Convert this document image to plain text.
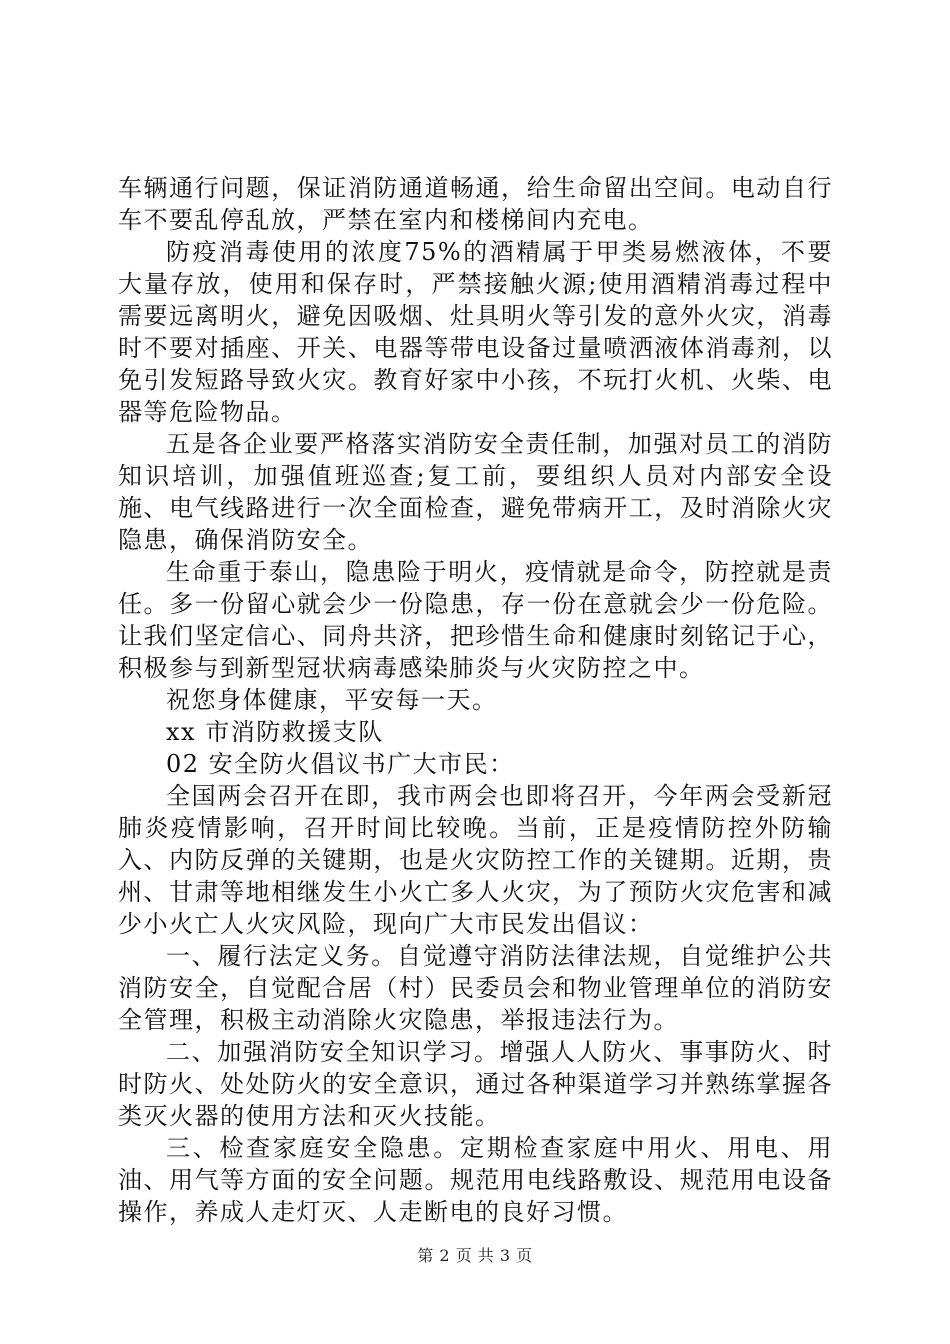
车辆通行问题，保证消防通道畅通，给生命留出空间。电动自行车不要乱停乱放，严禁在室内和楼梯间内充电。

防疫消毒使用的浓度75%的酒精属于甲类易燃液体，不要大量存放，使用和保存时，严禁接触火源;使用酒精消毒过程中需要远离明火，避免因吸烟、灶具明火等引发的意外火灾，消毒时不要对插座、开关、电器等带电设备过量喷洒液体消毒剂，以免引发短路导致火灾。教育好家中小孩，不玩打火机、火柴、电器等危险物品。

五是各企业要严格落实消防安全责任制，加强对员工的消防知识培训，加强值班巡查;复工前，要组织人员对内部安全设施、电气线路进行一次全面检查，避免带病开工，及时消除火灾隐患，确保消防安全。

生命重于泰山，隐患险于明火，疫情就是命令，防控就是责任。多一份留心就会少一份隐患，存一份在意就会少一份危险。让我们坚定信心、同舟共济，把珍惜生命和健康时刻铭记于心，积极参与到新型冠状病毒感染肺炎与火灾防控之中。

祝您身体健康，平安每一天。

xx 市消防救援支队

02 安全防火倡议书广大市民：

全国两会召开在即，我市两会也即将召开，今年两会受新冠肺炎疫情影响，召开时间比较晚。当前，正是疫情防控外防输入、内防反弹的关键期，也是火灾防控工作的关键期。近期，贵州、甘肃等地相继发生小火亡多人火灾，为了预防火灾危害和减少小火亡人火灾风险，现向广大市民发出倡议：

一、履行法定义务。自觉遵守消防法律法规，自觉维护公共消防安全，自觉配合居（村）民委员会和物业管理单位的消防安全管理，积极主动消除火灾隐患，举报违法行为。

二、加强消防安全知识学习。增强人人防火、事事防火、时时防火、处处防火的安全意识，通过各种渠道学习并熟练掌握各类灭火器的使用方法和灭火技能。

三、检查家庭安全隐患。定期检查家庭中用火、用电、用油、用气等方面的安全问题。规范用电线路敷设、规范用电设备操作，养成人走灯灭、人走断电的良好习惯。

第 2 页 共 3 页
